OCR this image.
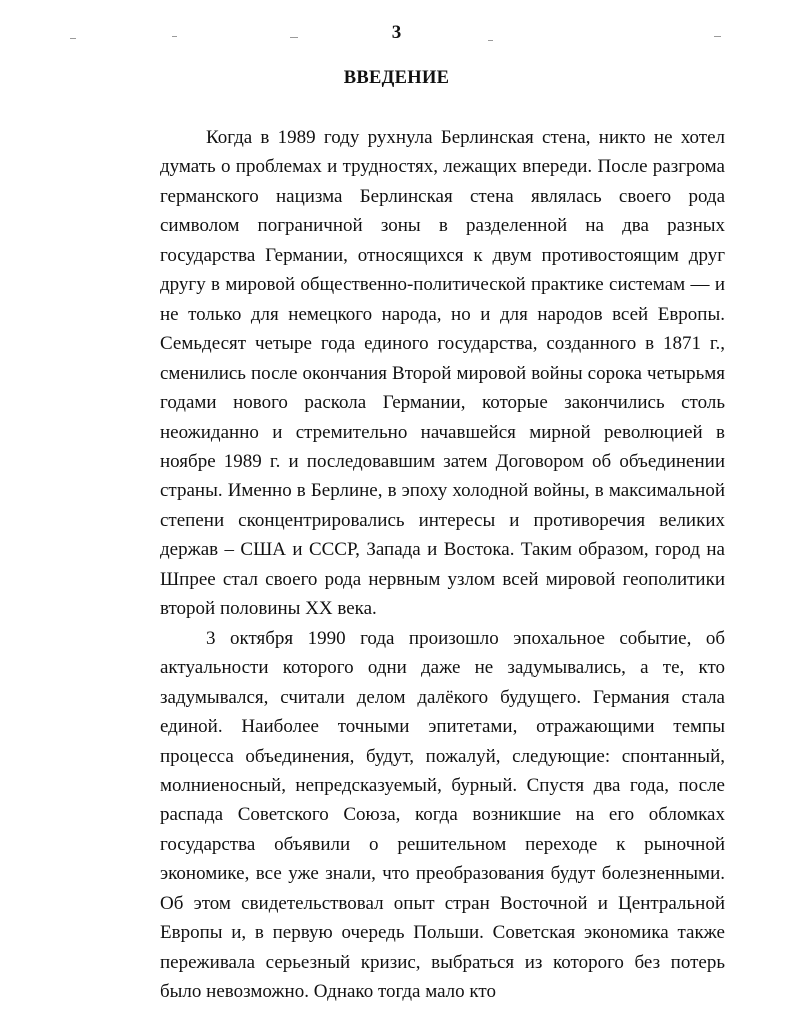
3
ВВЕДЕНИЕ

Когда в 1989 году рухнула Берлинская стена, никто не хотел думать о проблемах и трудностях, лежащих впереди. После разгрома германского нацизма Берлинская стена являлась своего рода символом пограничной зоны в разделенной на два разных государства Германии, относящихся к двум противостоящим друг другу в мировой общественно-политической практике системам — и не только для немецкого народа, но и для народов всей Европы. Семьдесят четыре года единого государства, созданного в 1871 г., сменились после окончания Второй мировой войны сорока четырьмя годами нового раскола Германии, которые закончились столь неожиданно и стремительно начавшейся мирной революцией в ноябре 1989 г. и последовавшим затем Договором об объединении страны. Именно в Берлине, в эпоху холодной войны, в максимальной степени сконцентрировались интересы и противоречия великих держав – США и СССР, Запада и Востока. Таким образом, город на Шпрее стал своего рода нервным узлом всей мировой геополитики второй половины XX века.

3 октября 1990 года произошло эпохальное событие, об актуальности которого одни даже не задумывались, а те, кто задумывался, считали делом далёкого будущего. Германия стала единой. Наиболее точными эпитетами, отражающими темпы процесса объединения, будут, пожалуй, следующие: спонтанный, молниеносный, непредсказуемый, бурный. Спустя два года, после распада Советского Союза, когда возникшие на его обломках государства объявили о решительном переходе к рыночной экономике, все уже знали, что преобразования будут болезненными. Об этом свидетельствовал опыт стран Восточной и Центральной Европы и, в первую очередь Польши. Советская экономика также переживала серьезный кризис, выбраться из которого без потерь было невозможно. Однако тогда мало кто
